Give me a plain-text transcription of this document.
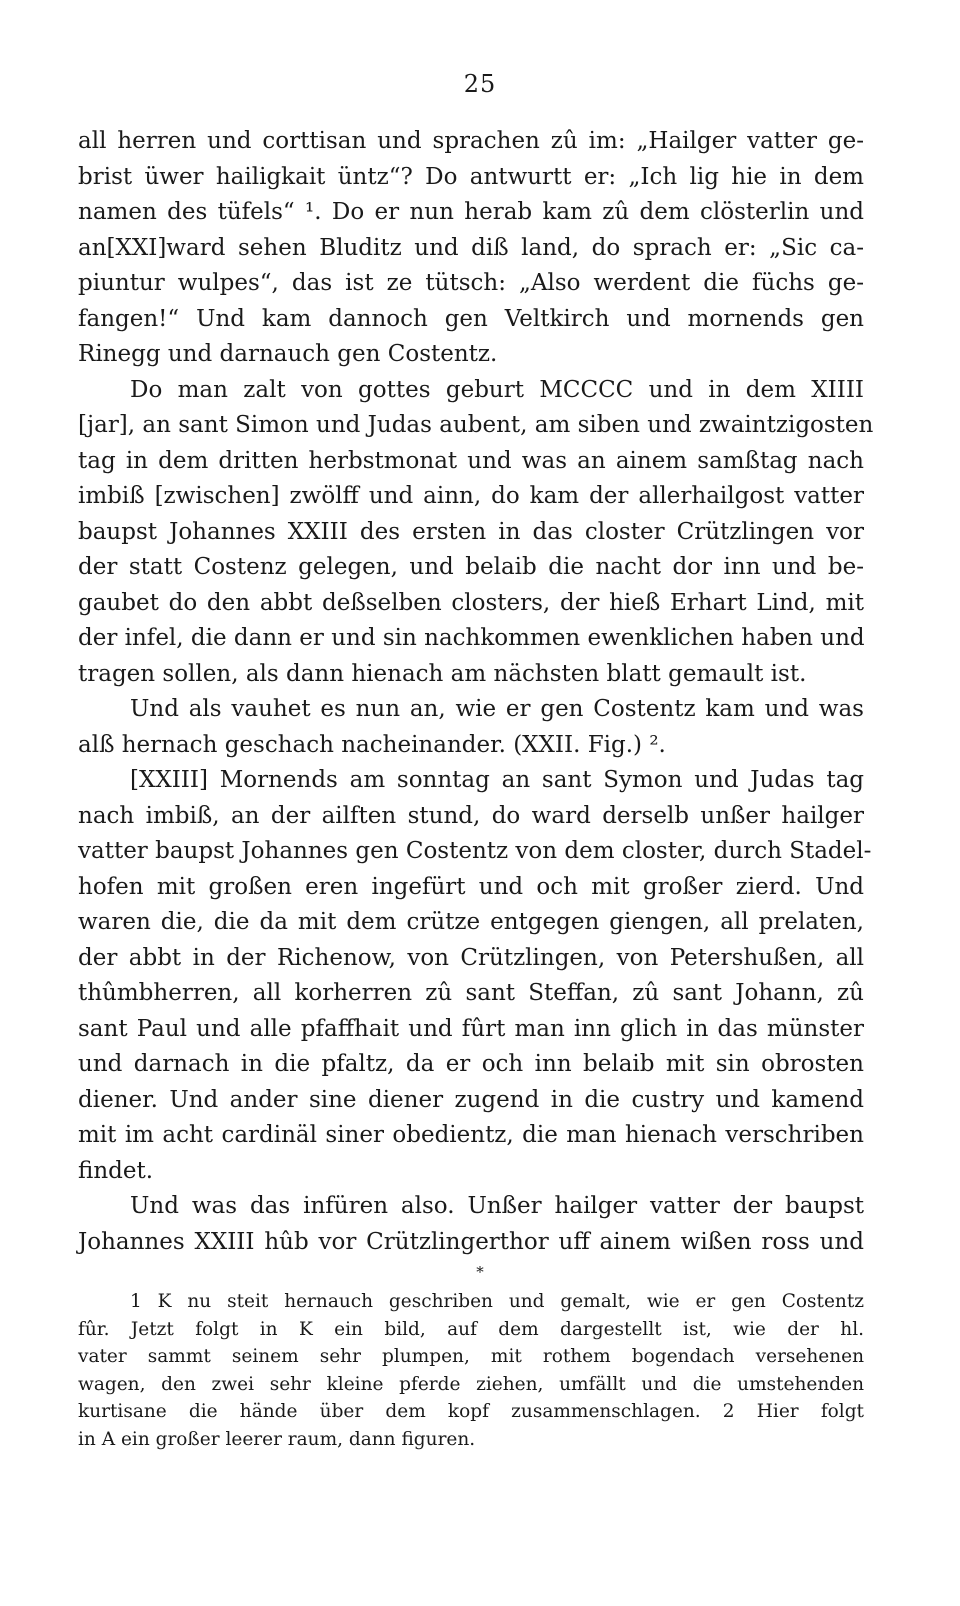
25
all herren und corttisan und sprachen zû im: „Hailger vatter ge-
brist üwer hailigkait üntz“? Do antwurtt er: „Ich lig hie in dem
namen des tüfels“ ¹. Do er nun herab kam zû dem clösterlin und
an[XXI]ward sehen Bluditz und diß land, do sprach er: „Sic ca-
piuntur wulpes“, das ist ze tütsch: „Also werdent die füchs ge-
fangen!“ Und kam dannoch gen Veltkirch und mornends gen
Rinegg und darnauch gen Costentz.
Do man zalt von gottes geburt MCCCC und in dem XIIII
[jar], an sant Simon und Judas aubent, am siben und zwaintzigosten
tag in dem dritten herbstmonat und was an ainem samßtag nach
imbiß [zwischen] zwölff und ainn, do kam der allerhailgost vatter
baupst Johannes XXIII des ersten in das closter Crützlingen vor
der statt Costenz gelegen, und belaib die nacht dor inn und be-
gaubet do den abbt deßselben closters, der hieß Erhart Lind, mit
der infel, die dann er und sin nachkommen ewenklichen haben und
tragen sollen, als dann hienach am nächsten blatt gemault ist.
Und als vauhet es nun an, wie er gen Costentz kam und was
alß hernach geschach nacheinander. (XXII. Fig.) ².
[XXIII] Mornends am sonntag an sant Symon und Judas tag
nach imbiß, an der ailften stund, do ward derselb unßer hailger
vatter baupst Johannes gen Costentz von dem closter, durch Stadel-
hofen mit großen eren ingefürt und och mit großer zierd. Und
waren die, die da mit dem crütze entgegen giengen, all prelaten,
der abbt in der Richenow, von Crützlingen, von Petershußen, all
thûmbherren, all korherren zû sant Steffan, zû sant Johann, zû
sant Paul und alle pfaffhait und fûrt man inn glich in das münster
und darnach in die pfaltz, da er och inn belaib mit sin obrosten
diener. Und ander sine diener zugend in die custry und kamend
mit im acht cardinäl siner obedientz, die man hienach verschriben
findet.
Und was das infüren also. Unßer hailger vatter der baupst
Johannes XXIII hûb vor Crützlingerthor uff ainem wißen ross und
*
1 K nu steit hernauch geschriben und gemalt, wie er gen Costentz
fûr. Jetzt folgt in K ein bild, auf dem dargestellt ist, wie der hl.
vater sammt seinem sehr plumpen, mit rothem bogendach versehenen
wagen, den zwei sehr kleine pferde ziehen, umfällt und die umstehenden
kurtisane die hände über dem kopf zusammenschlagen. 2 Hier folgt
in A ein großer leerer raum, dann figuren.
